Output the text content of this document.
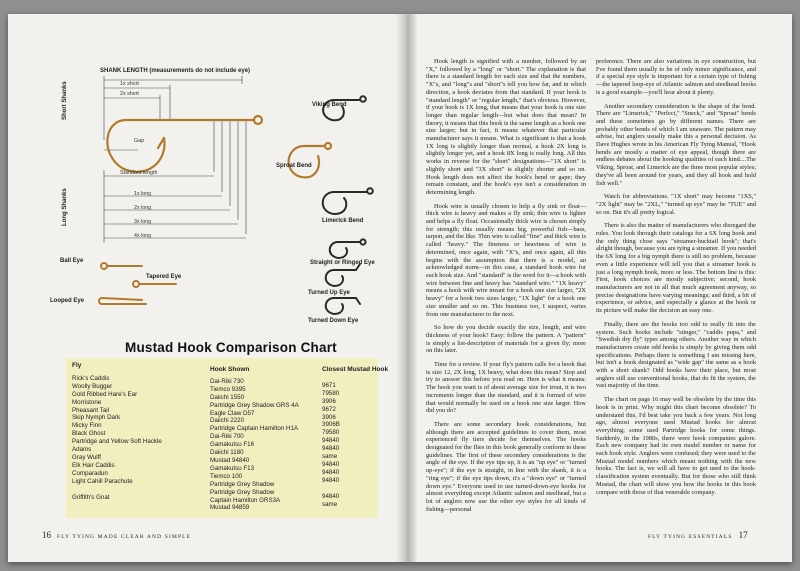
SHANK LENGTH (measurements do not include eye)
Short Shanks
Long Shanks
1x short
2x short
Gap
Standard length
1x long
2x long
3x long
4x long
Viking Bend
Sproat Bend
Limerick Bend
Ball Eye
Tapered Eye
Looped Eye
Straight or Ringed Eye
Turned Up Eye
Turned Down Eye
Mustad Hook Comparison Chart
Fly
Rick's Caddis
Woolly Bugger
Gold Ribbed Hare's Ear
Morristone
Pheasant Tail
Skip Nymph Dark
Micky Finn
Black Ghost
Partridge and Yellow Soft Hackle
Adams
Gray Wulff
Elk Hair Caddis
Comparadun
Light Cahill Parachute

Griffith's Gnat
Hook Shown
Dai-Riki 730
Tiemco 9395
Daiichi 1550
Partridge Grey Shadow GRS 4A
Eagle Claw D57
Daiichi 2220
Partridge Captain Hamilton H1A
Dai-Riki 700
Gamakutsu F16
Daiichi 1180
Mustad 94840
Gamakutsu F13
Tiemco 100
Partridge Grey Shadow
Partridge Grey Shadow
Captain Hamilton GRS3A
Mustad 94859
Closest Mustad Hook
9671
79580
3906
9672
3906
3906B
79580
94840
94840
same
94840
94840
94840

94840
same
16 FLY TYING MADE CLEAR AND SIMPLE

Hook length is signified with a number, followed by an "X," followed by a "long" or "short." The explanation is that there is a standard length for each size and that the numbers, "X"s, and "long"s and "short"s tell you how far, and in which direction, a hook deviates from that standard. If your hook is "standard length" or "regular length," that's obvious. However, if your hook is 1X long, that means that your hook is one size longer than regular length—but what does that mean? In theory, it means that this hook is the same length as a hook one size larger; but in fact, it means whatever that particular manufacturer says it means. What is significant is that a hook 1X long is slightly longer than normal, a hook 2X long is slightly longer yet, and a hook 8X long is really long. All this works in reverse for the "short" designations—"1X short" is slightly short and "3X short" is slightly shorter and so on. Hook length does not affect the hook's bend or gape; they remain constant, and the hook's eye isn't a consideration in determining length.

Hook wire is usually chosen to help a fly sink or float—thick wire is heavy and makes a fly sink; thin wire is lighter and helps a fly float. Occasionally thick wire is chosen simply for strength; this usually means big, powerful fish—bass, tarpon, and the like. Thin wire is called "fine" and thick wire is called "heavy." The fineness or heaviness of wire is determined, once again, with "X"s, and once again, all this begins with the assumption that there is a model, an acknowledged norm—in this case, a standard hook wire for each hook size. And "standard" is the word for it—a hook with wire between fine and heavy has "standard wire." "1X heavy" means a hook with wire meant for a hook one size larger, "2X heavy" for a hook two sizes larger, "1X light" for a hook one size smaller and so on. This business too, I suspect, varies from one manufacturer to the next.

So how do you decide exactly the size, length, and wire thickness of your hook? Easy: follow the pattern. A "pattern" is simply a list-description of materials for a given fly; more on this later.

Time for a review. If your fly's pattern calls for a hook that is size 12, 2X long, 1X heavy, what does this mean? Stop and try to answer this before you read on. Here is what it means: The hook you want is of about average size for trout, it is two increments longer than the standard, and it is formed of wire that would normally be used on a hook one size larger. How did you do?

There are some secondary hook considerations, but although there are accepted guidelines to cover them, most experienced fly tiers decide for themselves. The hooks designated for the flies in this book generally conform to these guidelines. The first of these secondary considerations is the angle of the eye. If the eye tips up, it is an "up eye" or "turned up-eye"; if the eye is straight, in line with the shank, it is a "ring eye"; if the eye tips down, it's a "down eye" or "turned down eye." Everyone used to use turned-down-eye hooks for almost everything except Atlantic salmon and steelhead, but a lot of anglers now use the other eye styles for all kinds of fishing—personal

preference. There are also variations in eye construction, but I've found them usually to be of only minor significance, and if a special eye style is important for a certain type of fishing—the tapered loop-eye of Atlantic salmon and steelhead hooks is a good example—you'll hear about it plenty.

Another secondary consideration is the shape of the bend. There are "Limerick," "Perfect," "Sneck," and "Sproat" bends and these sometimes go by different names. There are probably other bends of which I am unaware. The pattern may advise, but anglers usually make this a personal decision. As Dave Hughes wrote in his American Fly Tying Manual, "Hook bends are mostly a matter of eye appeal, though there are endless debates about the hooking qualities of each kind....The Viking, Sproat, and Limerick are the three most popular styles; they've all been around for years, and they all hook and hold fish well."

Watch for abbreviations. "1X short" may become "1XS," "2X light" may be "2XL," "turned up eye" may be "TUE" and so on. But it's all pretty logical.

There is also the matter of manufacturers who disregard the rules. You look through their catalogs for a 6X long hook and the only thing close says "streamer-bucktail hook"; that's alright though, because you are tying a streamer. If you needed the 6X long for a big nymph there is still no problem, because even a little experience will tell you that a streamer hook is just a long nymph hook, more or less. The bottom line is this: First, hook choices are mostly subjective; second, hook manufacturers are not in all that much agreement anyway, so precise designations have varying meanings; and third, a bit of experience, or advice, and especially a glance at the hook or its picture will make the decision an easy one.

Finally, there are the hooks too odd to really fit into the system. Such hooks include "stinger," "caddis pupa," and "Swedish dry fly" types among others. Another way in which manufacturers create odd hooks is simply by giving them odd specifications. Perhaps there is something I am missing here, but isn't a hook designated as "wide gap" the same as a hook with a short shank? Odd hooks have their place, but most anglers still use conventional hooks, that do fit the system, the vast majority of the time.

The chart on page 16 may well be obsolete by the time this book is in print. Why might this chart become obsolete? To understand this, I'd best take you back a few years. Not long ago, almost everyone used Mustad hooks for almost everything; some used Partridge hooks for some things. Suddenly, in the 1980s, there were hook companies galore. Each new company had its own model number or name for each hook style. Anglers were confused; they were used to the Mustad model numbers which meant nothing with the new hooks. The fact is, we will all have to get used to the hook-classification system eventually. But for those who still think Mustad, the chart will show you how the hooks in this book compare with those of that venerable company.

FLY TYING ESSENTIALS 17
